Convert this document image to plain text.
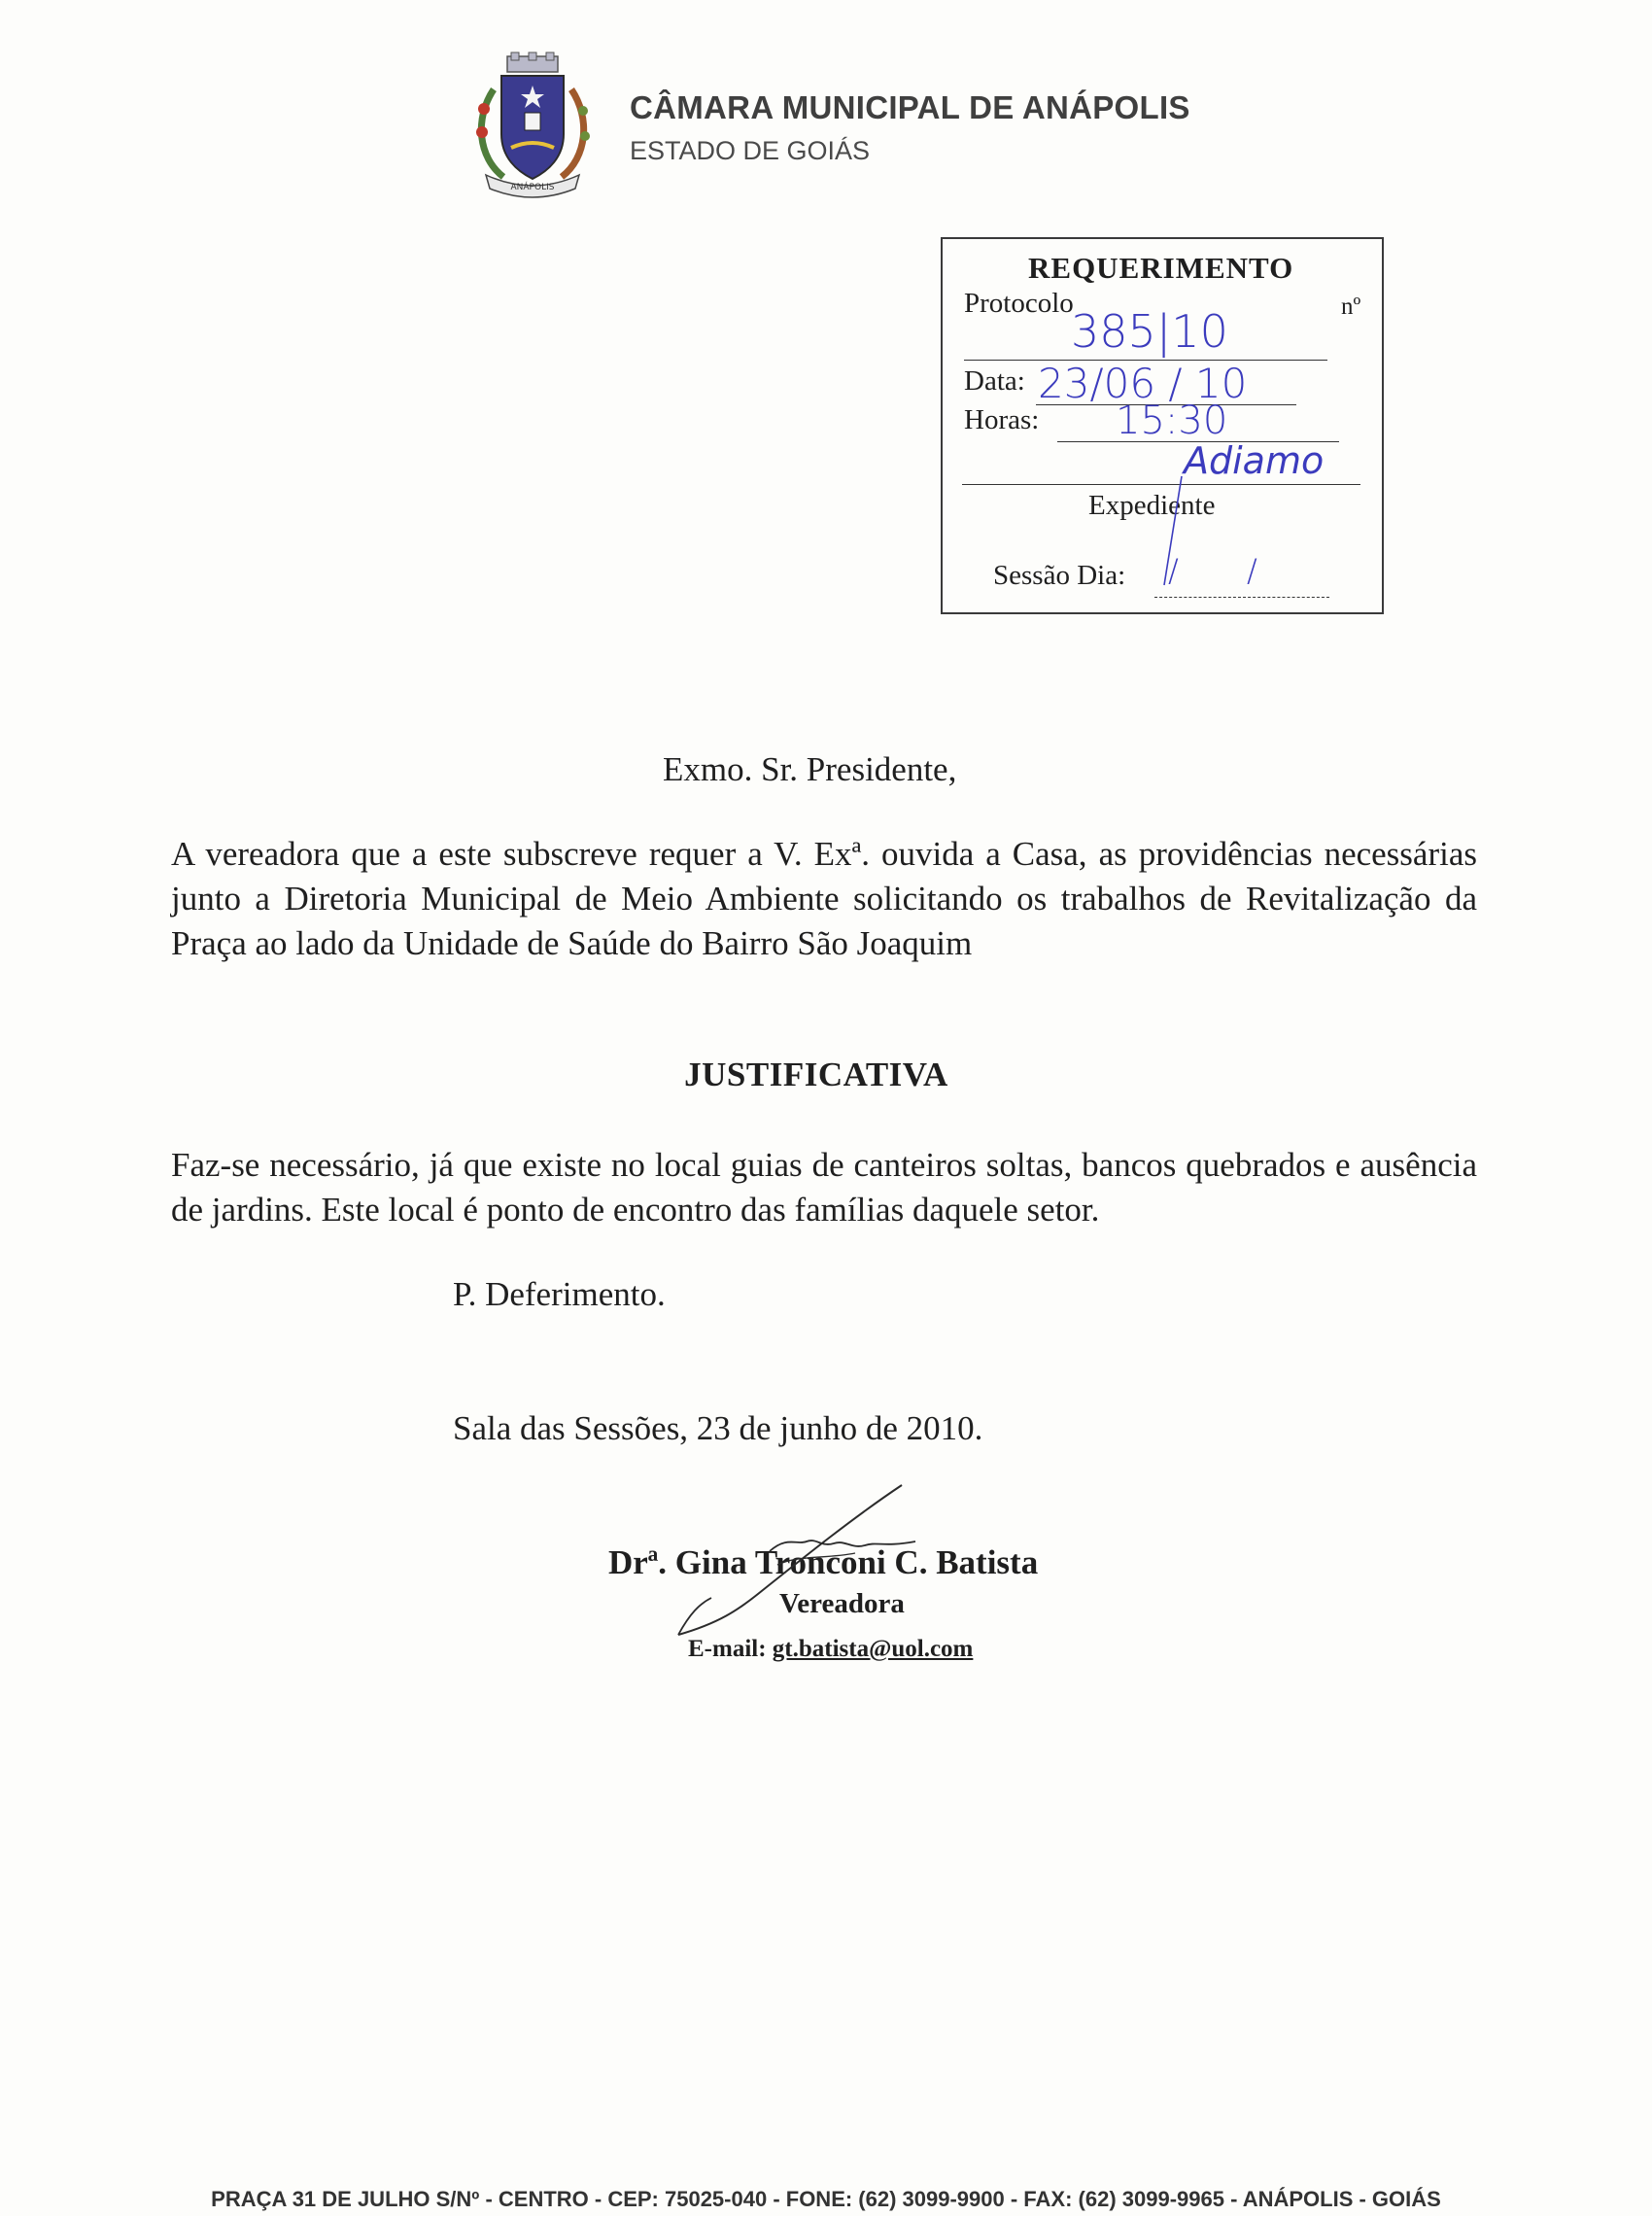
ANÁPOLIS
CÂMARA MUNICIPAL DE ANÁPOLIS
ESTADO DE GOIÁS
REQUERIMENTO
Protocolo	nº
385|10
Data: 23/06 / 10
Horas: 15:30
Adiamo
Expediente
Sessão Dia: / /
Exmo. Sr. Presidente,
A vereadora que a este subscreve requer a V. Exª. ouvida a Casa, as providências necessárias junto a Diretoria Municipal de Meio Ambiente solicitando os trabalhos de Revitalização da Praça ao lado da Unidade de Saúde do Bairro São Joaquim
JUSTIFICATIVA
Faz-se necessário, já que existe no local guias de canteiros soltas, bancos quebrados e ausência de jardins. Este local é ponto de encontro das famílias daquele setor.
P. Deferimento.
Sala das Sessões, 23 de junho de 2010.
Drª. Gina Tronconi C. Batista
Vereadora
E-mail: gt.batista@uol.com
PRAÇA 31 DE JULHO S/Nº - CENTRO - CEP: 75025-040 - FONE: (62) 3099-9900 - FAX: (62) 3099-9965 - ANÁPOLIS - GOIÁS
